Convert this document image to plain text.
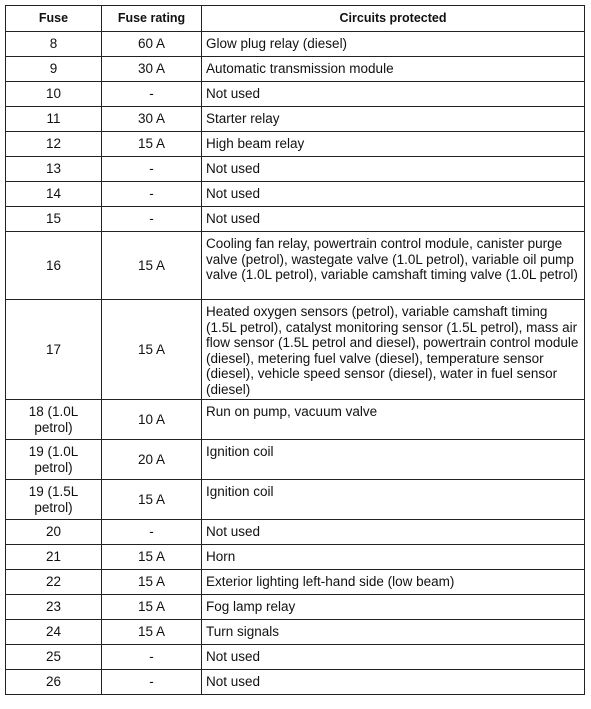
Fuse	Fuse rating	Circuits protected
8	60 A	Glow plug relay (diesel)
9	30 A	Automatic transmission module
10	-	Not used
11	30 A	Starter relay
12	15 A	High beam relay
13	-	Not used
14	-	Not used
15	-	Not used
16	15 A	Cooling fan relay, powertrain control module, canister purge valve (petrol), wastegate valve (1.0L petrol), variable oil pump valve (1.0L petrol), variable camshaft timing valve (1.0L petrol)
17	15 A	Heated oxygen sensors (petrol), variable camshaft timing (1.5L petrol), catalyst monitoring sensor (1.5L petrol), mass air flow sensor (1.5L petrol and diesel), powertrain control module (diesel), metering fuel valve (diesel), temperature sensor (diesel), vehicle speed sensor (diesel), water in fuel sensor (diesel)
18 (1.0L petrol)	10 A	Run on pump, vacuum valve
19 (1.0L petrol)	20 A	Ignition coil
19 (1.5L petrol)	15 A	Ignition coil
20	-	Not used
21	15 A	Horn
22	15 A	Exterior lighting left-hand side (low beam)
23	15 A	Fog lamp relay
24	15 A	Turn signals
25	-	Not used
26	-	Not used
